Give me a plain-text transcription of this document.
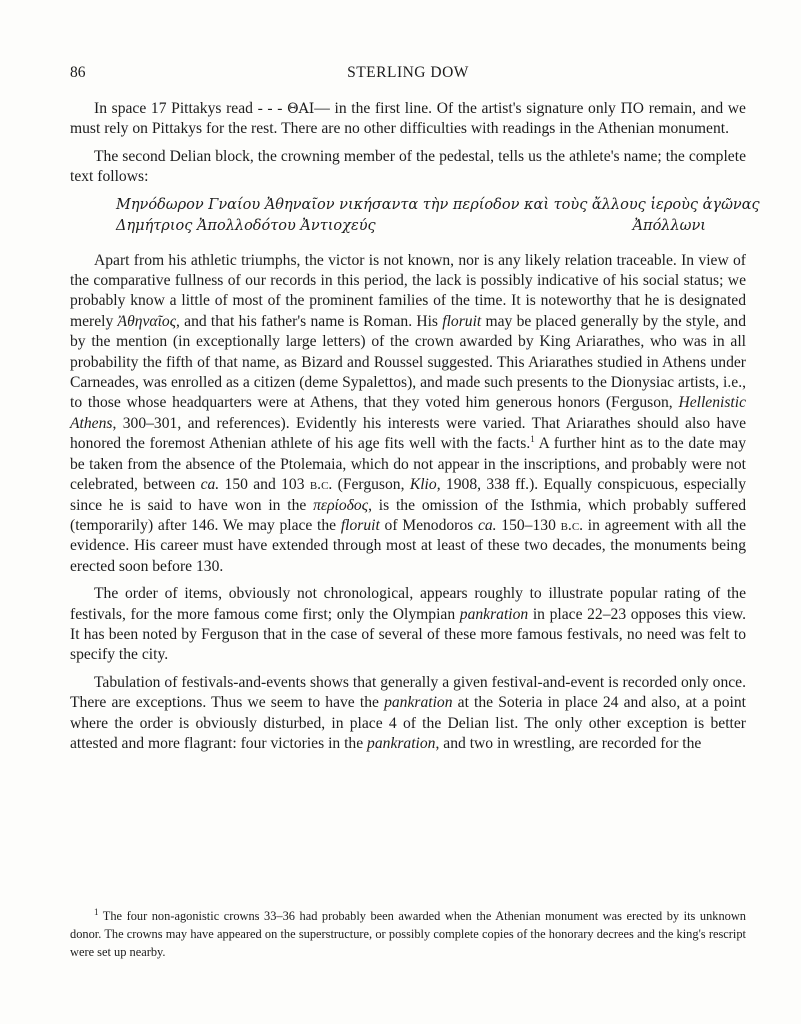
86	STERLING DOW

In space 17 Pittakys read - - - ΘΑΙ— in the first line. Of the artist's signature only ΠΟ remain, and we must rely on Pittakys for the rest. There are no other difficulties with readings in the Athenian monument.

The second Delian block, the crowning member of the pedestal, tells us the athlete's name; the complete text follows:

Μηνόδωρον Γναίου Ἀθηναῖον νικήσαντα τὴν περίοδον καὶ τοὺς ἄλλους ἱεροὺς ἀγῶνας
Δημήτριος Ἀπολλοδότου Ἀντιοχεύς	Ἀπόλλωνι

Apart from his athletic triumphs, the victor is not known, nor is any likely relation traceable. In view of the comparative fullness of our records in this period, the lack is possibly indicative of his social status; we probably know a little of most of the prominent families of the time. It is noteworthy that he is designated merely Ἀθηναῖος, and that his father's name is Roman. His floruit may be placed generally by the style, and by the mention (in exceptionally large letters) of the crown awarded by King Ariarathes, who was in all probability the fifth of that name, as Bizard and Roussel suggested. This Ariarathes studied in Athens under Carneades, was enrolled as a citizen (deme Sypalettos), and made such presents to the Dionysiac artists, i.e., to those whose headquarters were at Athens, that they voted him generous honors (Ferguson, Hellenistic Athens, 300–301, and references). Evidently his interests were varied. That Ariarathes should also have honored the foremost Athenian athlete of his age fits well with the facts.$^1$ A further hint as to the date may be taken from the absence of the Ptolemaia, which do not appear in the inscriptions, and probably were not celebrated, between ca. 150 and 103 b.c. (Ferguson, Klio, 1908, 338 ff.). Equally conspicuous, especially since he is said to have won in the περίοδος, is the omission of the Isthmia, which probably suffered (temporarily) after 146. We may place the floruit of Menodoros ca. 150–130 b.c. in agreement with all the evidence. His career must have extended through most at least of these two decades, the monuments being erected soon before 130.

The order of items, obviously not chronological, appears roughly to illustrate popular rating of the festivals, for the more famous come first; only the Olympian pankration in place 22–23 opposes this view. It has been noted by Ferguson that in the case of several of these more famous festivals, no need was felt to specify the city.

Tabulation of festivals-and-events shows that generally a given festival-and-event is recorded only once. There are exceptions. Thus we seem to have the pankration at the Soteria in place 24 and also, at a point where the order is obviously disturbed, in place 4 of the Delian list. The only other exception is better attested and more flagrant: four victories in the pankration, and two in wrestling, are recorded for the

$^1$ The four non-agonistic crowns 33–36 had probably been awarded when the Athenian monument was erected by its unknown donor. The crowns may have appeared on the superstructure, or possibly complete copies of the honorary decrees and the king's rescript were set up nearby.
